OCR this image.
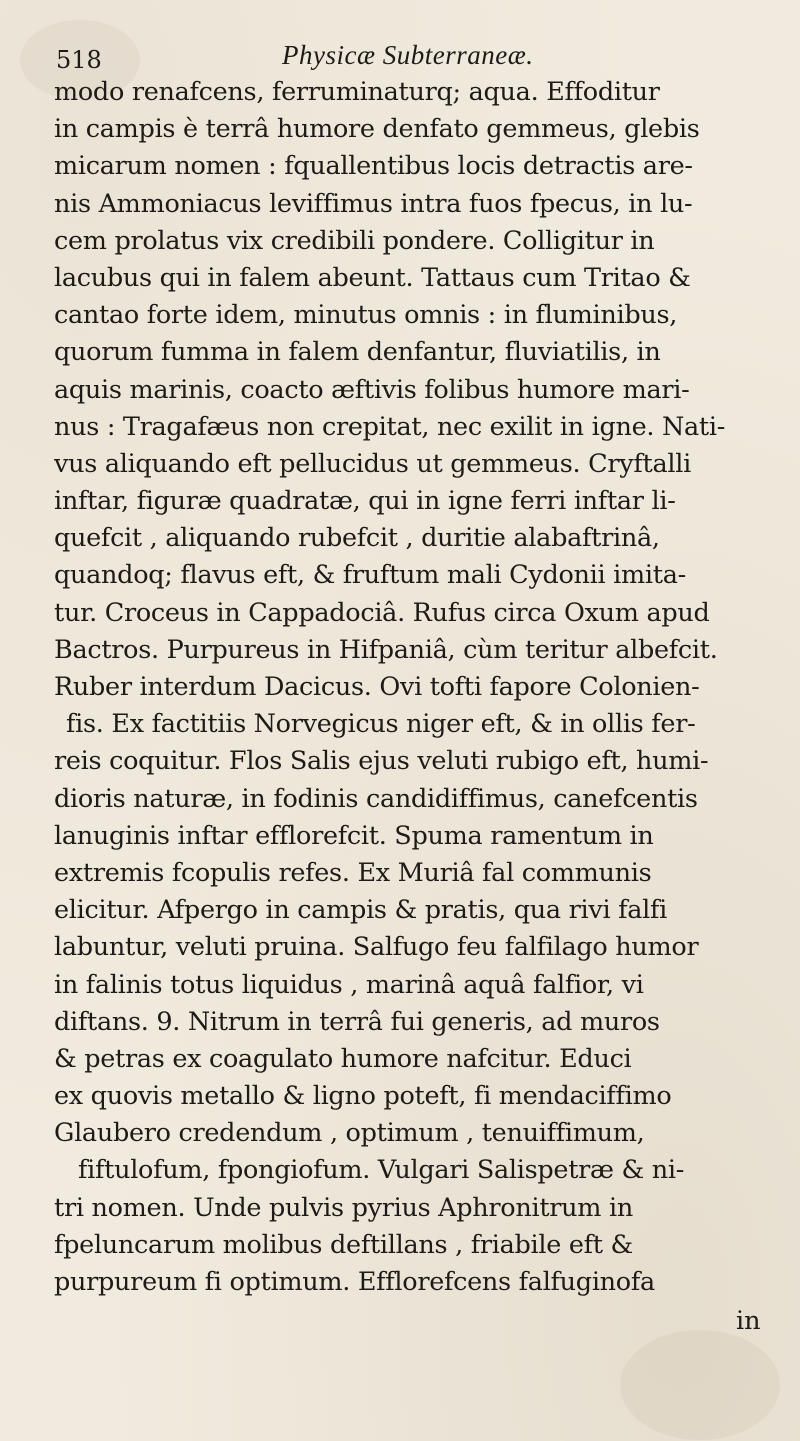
518	Physicæ Subterraneæ.
modo renafcens, ferruminaturq; aqua. Effoditur
in campis è terrâ humore denfato gemmeus, glebis
micarum nomen : fquallentibus locis detractis are-
nis Ammoniacus leviffimus intra fuos fpecus, in lu-
cem prolatus vix credibili pondere. Colligitur in
lacubus qui in falem abeunt. Tattaus cum Tritao &
cantao forte idem, minutus omnis : in fluminibus,
quorum fumma in falem denfantur, fluviatilis, in
aquis marinis, coacto æftivis folibus humore mari-
nus : Tragafæus non crepitat, nec exilit in igne. Nati-
vus aliquando eft pellucidus ut gemmeus. Cryftalli
inftar, figuræ quadratæ, qui in igne ferri inftar li-
quefcit , aliquando rubefcit , duritie alabaftrinâ,
quandoq; flavus eft, & fruftum mali Cydonii imita-
tur. Croceus in Cappadociâ. Rufus circa Oxum apud
Bactros. Purpureus in Hifpaniâ, cùm teritur albefcit.
Ruber interdum Dacicus. Ovi tofti fapore Colonien-
fis. Ex factitiis Norvegicus niger eft, & in ollis fer-
reis coquitur. Flos Salis ejus veluti rubigo eft, humi-
dioris naturæ, in fodinis candidiffimus, canefcentis
lanuginis inftar efflorefcit. Spuma ramentum in
extremis fcopulis refes. Ex Muriâ fal communis
elicitur. Afpergo in campis & pratis, qua rivi falfi
labuntur, veluti pruina. Salfugo feu falfilago humor
in falinis totus liquidus , marinâ aquâ falfior, vi
diftans. 9. Nitrum in terrâ fui generis, ad muros
& petras ex coagulato humore nafcitur. Educi
ex quovis metallo & ligno poteft, fi mendaciffimo
Glaubero credendum , optimum , tenuiffimum,
fiftulofum, fpongiofum. Vulgari Salispetræ & ni-
tri nomen. Unde pulvis pyrius Aphronitrum in
fpeluncarum molibus deftillans , friabile eft &
purpureum fi optimum. Efflorefcens falfuginofa
in
